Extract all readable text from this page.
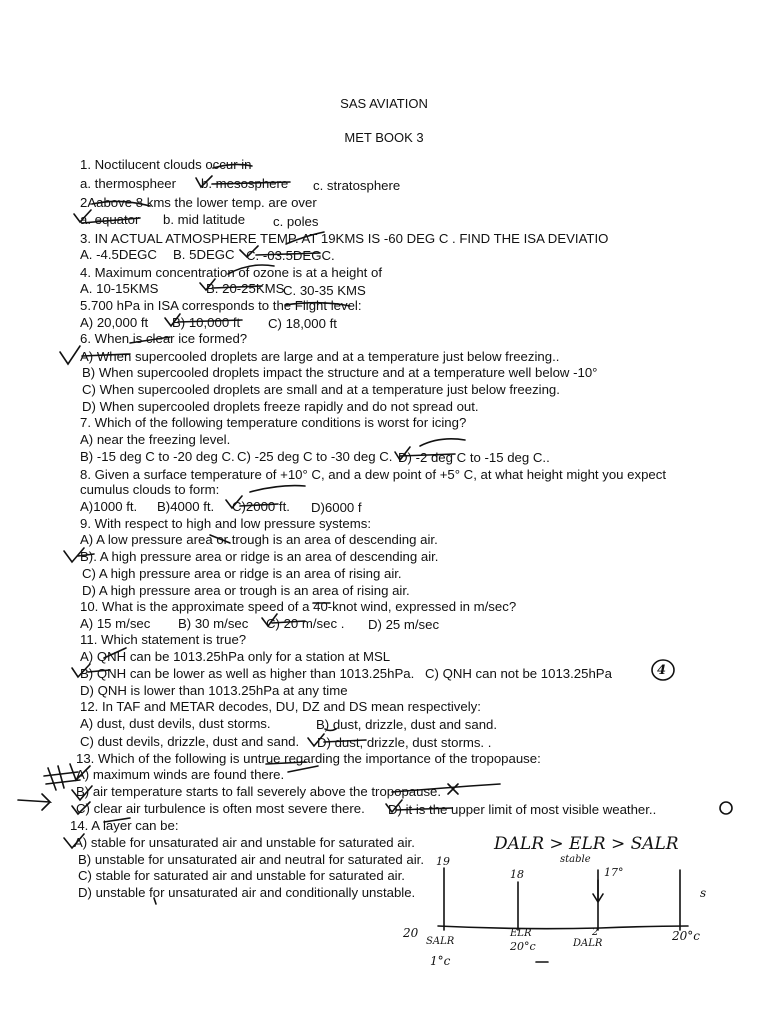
SAS AVIATION
MET BOOK 3
1. Noctilucent clouds occur in
a. thermospheer b. mesosphere c. stratosphere
2Aabove 8 kms the lower temp. are over
a. equator b. mid latitude c. poles
3. IN ACTUAL ATMOSPHERE TEMP. AT 19KMS IS -60 DEG C . FIND THE ISA DEVIATIO
A. -4.5DEGC B. 5DEGC C. -03.5DEGC.
4. Maximum concentration of ozone is at a height of
A. 10-15KMS	B. 20-25KMS
C. 30-35 KMS
5.700 hPa in ISA corresponds to the Flight level:
A) 20,000 ft B) 10,000 ft C) 18,000 ft
6. When is clear ice formed?
A) When supercooled droplets are large and at a temperature just below freezing..
B) When supercooled droplets impact the structure and at a temperature well below -10°
C) When supercooled droplets are small and at a temperature just below freezing.
D) When supercooled droplets freeze rapidly and do not spread out.
7. Which of the following temperature conditions is worst for icing?
A) near the freezing level.
B) -15 deg C to -20 deg C. C) -25 deg C to -30 deg C. D) -2 deg C to -15 deg C..
8. Given a surface temperature of +10° C, and a dew point of +5° C, at what height might you expect
cumulus clouds to form:
A)1000 ft. B)4000 ft. C)2000 ft. D)6000 f
9. With respect to high and low pressure systems:
A) A low pressure area or trough is an area of descending air.
B). A high pressure area or ridge is an area of descending air.
C) A high pressure area or ridge is an area of rising air.
D) A high pressure area or trough is an area of rising air.
10. What is the approximate speed of a 40-knot wind, expressed in m/sec?
A) 15 m/sec B) 30 m/sec C) 20 m/sec . D) 25 m/sec
11. Which statement is true?
A) QNH can be 1013.25hPa only for a station at MSL
B) QNH can be lower as well as higher than 1013.25hPa. C) QNH can not be 1013.25hPa
D) QNH is lower than 1013.25hPa at any time
12. In TAF and METAR decodes, DU, DZ and DS mean respectively:
A) dust, dust devils, dust storms.	B) dust, drizzle, dust and sand.
C) dust devils, drizzle, dust and sand. D) dust, drizzle, dust storms. .
13. Which of the following is untrue regarding the importance of the tropopause:
A) maximum winds are found there.
B) air temperature starts to fall severely above the tropopause.
C) clear air turbulence is often most severe there. D) it is the upper limit of most visible weather..
14. A layer can be:
A) stable for unsaturated air and unstable for saturated air.
B) unstable for unsaturated air and neutral for saturated air.
C) stable for saturated air and unstable for saturated air.
D) unstable for unsaturated air and conditionally unstable.
DALR > ELR > SALR
stable
19
18	17°
20
SALR
1°c
ELR
20°c
2
DALR
20°c
s
4
